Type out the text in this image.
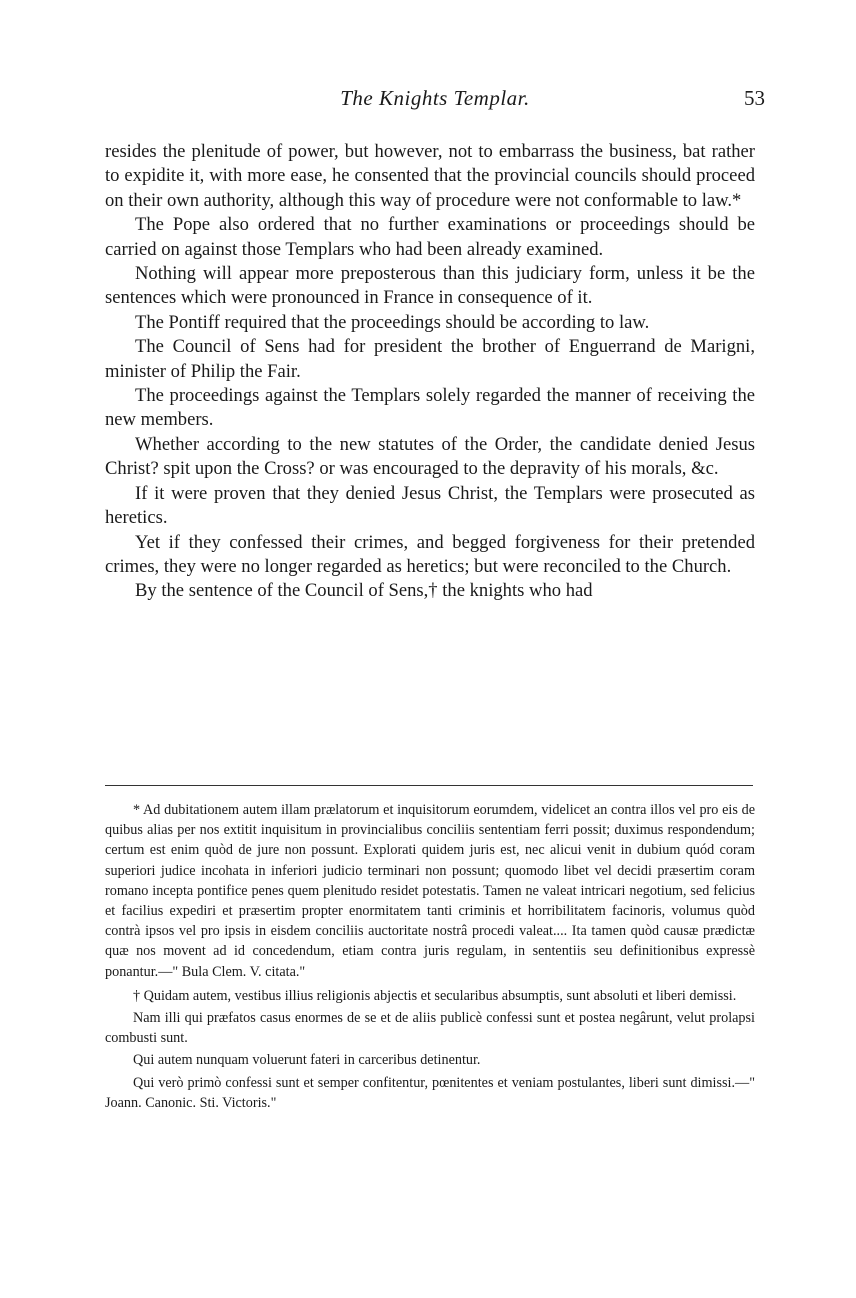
The Knights Templar.	53

resides the plenitude of power, but however, not to embarrass the business, bat rather to expidite it, with more ease, he consented that the provincial councils should proceed on their own authority, although this way of procedure were not conformable to law.*

The Pope also ordered that no further examinations or proceedings should be carried on against those Templars who had been already examined.

Nothing will appear more preposterous than this judiciary form, unless it be the sentences which were pronounced in France in consequence of it.

The Pontiff required that the proceedings should be according to law.

The Council of Sens had for president the brother of Enguerrand de Marigni, minister of Philip the Fair.

The proceedings against the Templars solely regarded the manner of receiving the new members.

Whether according to the new statutes of the Order, the candidate denied Jesus Christ? spit upon the Cross? or was encouraged to the depravity of his morals, &c.

If it were proven that they denied Jesus Christ, the Templars were prosecuted as heretics.

Yet if they confessed their crimes, and begged forgiveness for their pretended crimes, they were no longer regarded as heretics; but were reconciled to the Church.

By the sentence of the Council of Sens,† the knights who had

* Ad dubitationem autem illam prælatorum et inquisitorum eorumdem, videlicet an contra illos vel pro eis de quibus alias per nos extitit inquisitum in provincialibus conciliis sententiam ferri possit; duximus respondendum; certum est enim quòd de jure non possunt. Explorati quidem juris est, nec alicui venit in dubium quód coram superiori judice incohata in inferiori judicio terminari non possunt; quomodo libet vel decidi præsertim coram romano incepta pontifice penes quem plenitudo residet potestatis. Tamen ne valeat intricari negotium, sed felicius et facilius expediri et præsertim propter enormitatem tanti criminis et horribilitatem facinoris, volumus quòd contrà ipsos vel pro ipsis in eisdem conciliis auctoritate nostrâ procedi valeat.... Ita tamen quòd causæ prædictæ quæ nos movent ad id concedendum, etiam contra juris regulam, in sententiis seu definitionibus expressè ponantur.—" Bula Clem. V. citata."

† Quidam autem, vestibus illius religionis abjectis et secularibus absumptis, sunt absoluti et liberi demissi.

Nam illi qui præfatos casus enormes de se et de aliis publicè confessi sunt et postea negârunt, velut prolapsi combusti sunt.

Qui autem nunquam voluerunt fateri in carceribus detinentur.

Qui verò primò confessi sunt et semper confitentur, pœnitentes et veniam postulantes, liberi sunt dimissi.—" Joann. Canonic. Sti. Victoris."
